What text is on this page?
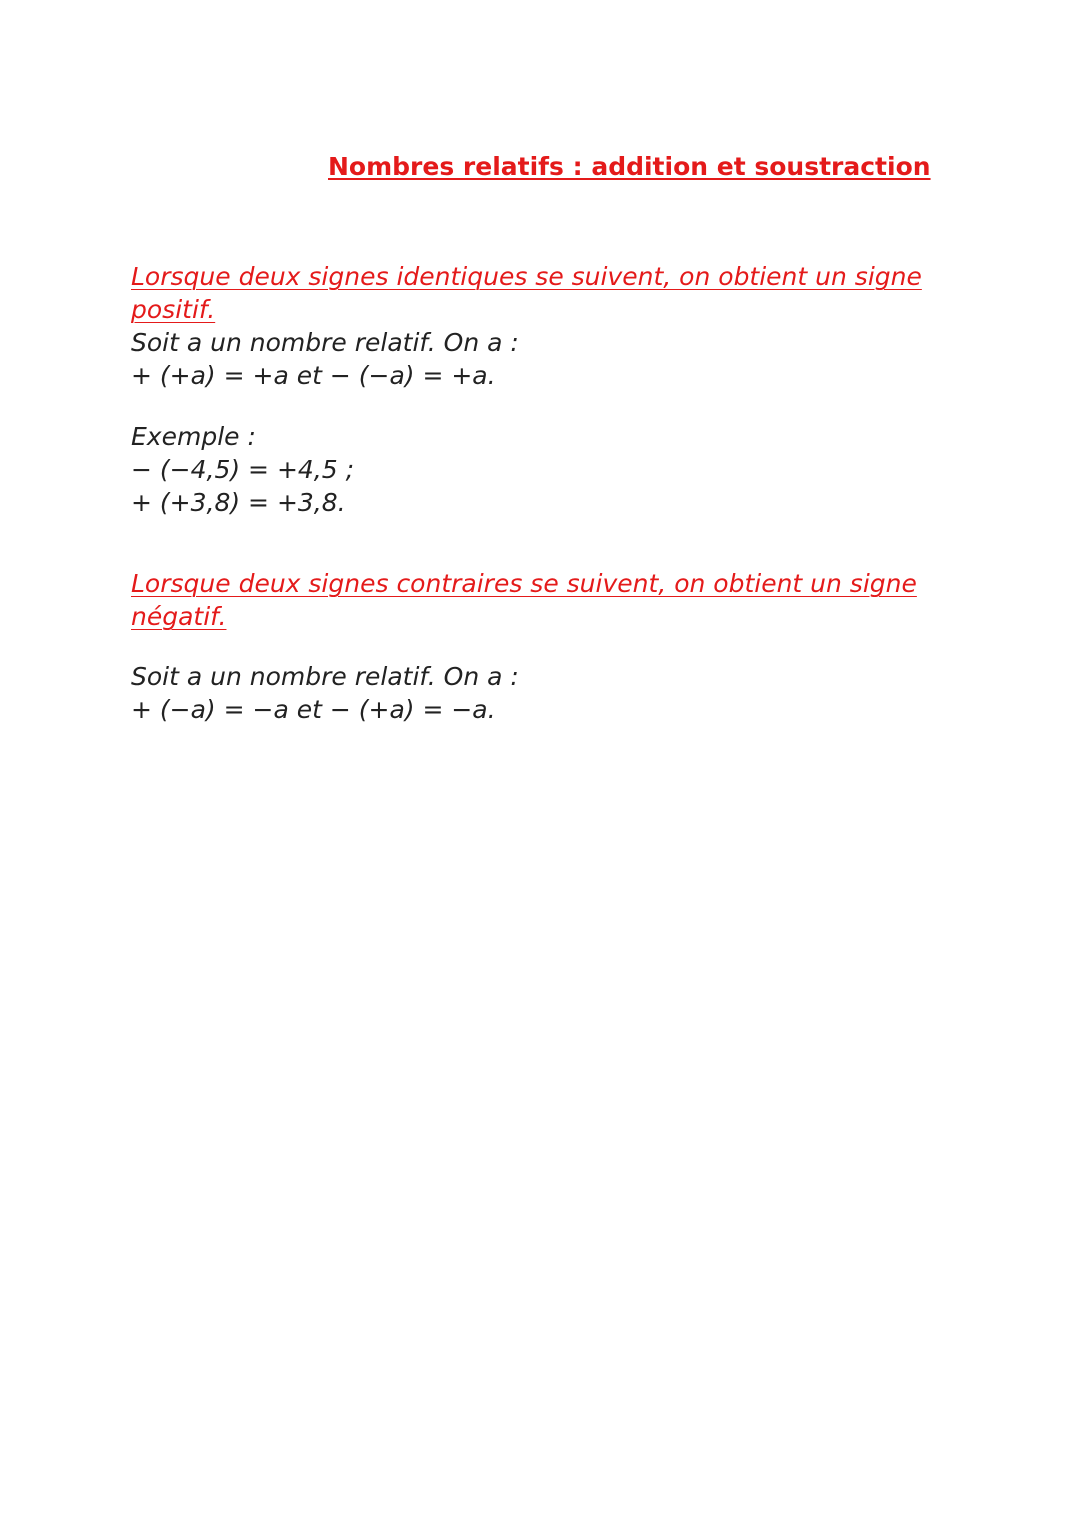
Nombres relatifs : addition et soustraction

Lorsque deux signes identiques se suivent, on obtient un signe

positif.

Soit a un nombre relatif. On a :

+ (+a) = +a et − (−a) = +a.

Exemple :

− (−4,5) = +4,5 ;

+ (+3,8) = +3,8.

Lorsque deux signes contraires se suivent, on obtient un signe

négatif.

Soit a un nombre relatif. On a :

+ (−a) = −a et − (+a) = −a.
